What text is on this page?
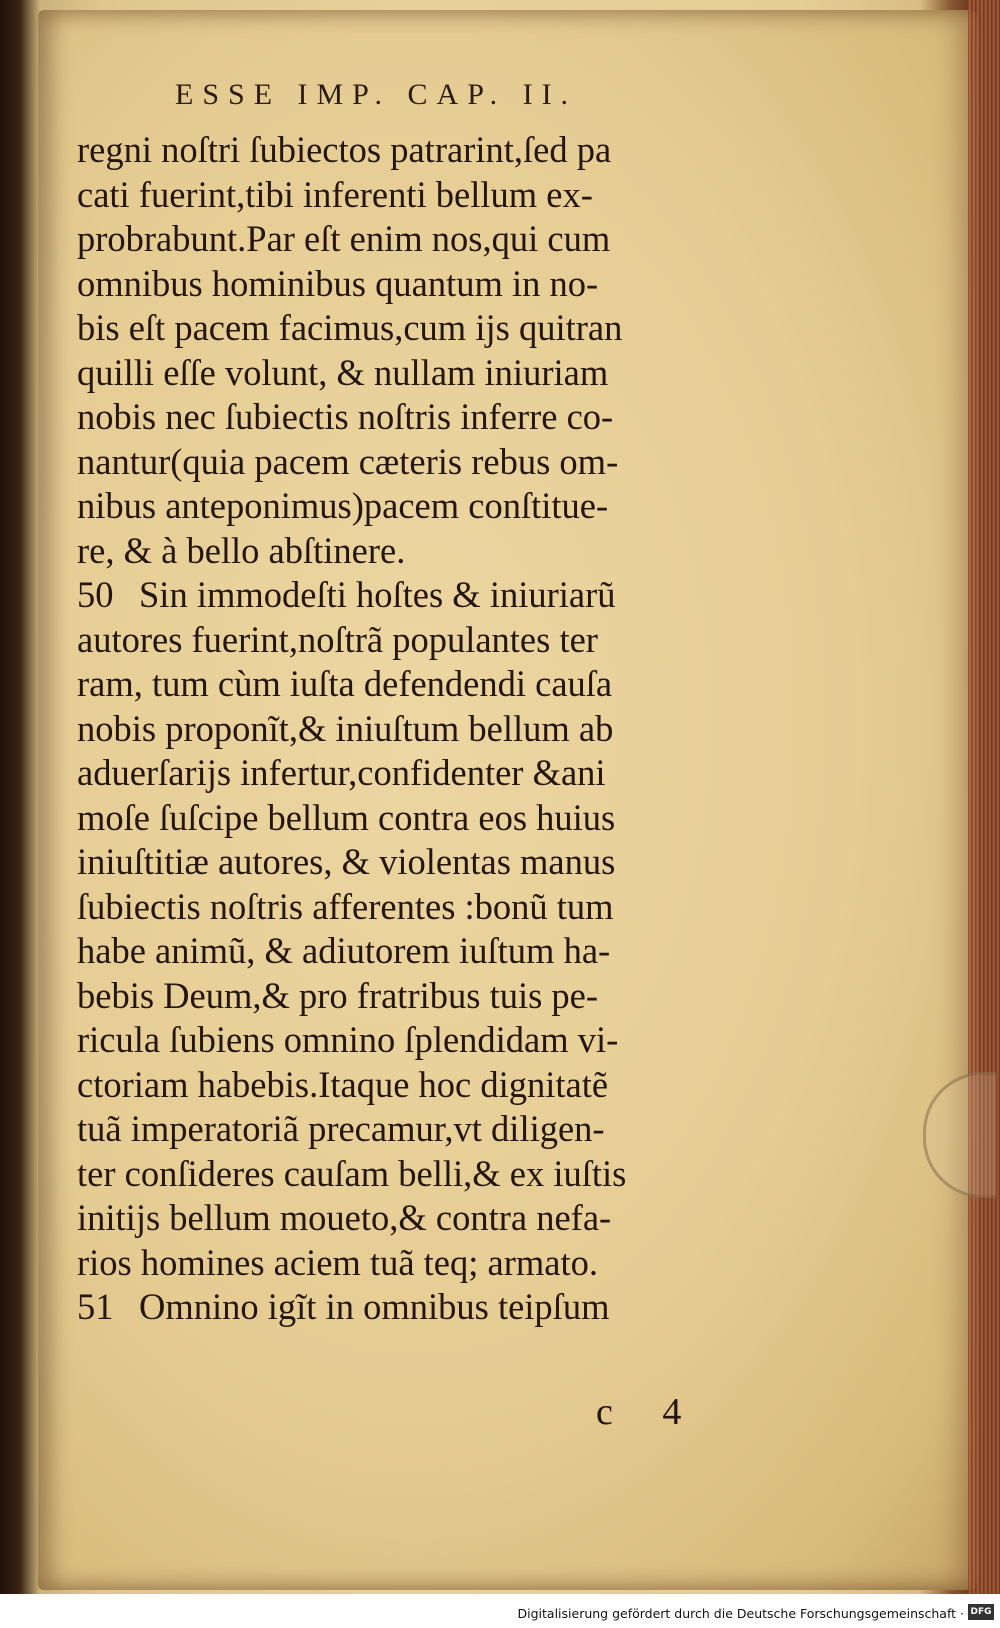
ESSE IMP. CAP. II.
regni noſtri ſubiectos patrarint,ſed pa
cati fuerint,tibi inferenti bellum ex-
probrabunt.Par eſt enim nos,qui cum
omnibus hominibus quantum in no-
bis eſt pacem facimus,cum ijs quitran
quilli eſſe volunt, & nullam iniuriam
nobis nec ſubiectis noſtris inferre co-
nantur(quia pacem cæteris rebus om-
nibus anteponimus)pacem conſtitue-
re, & à bello abſtinere.
50 Sin immodeſti hoſtes & iniuriarũ
autores fuerint,noſtrã populantes ter
ram, tum cùm iuſta defendendi cauſa
nobis proponĩt,& iniuſtum bellum ab
aduerſarijs infertur,confidenter &ani
moſe ſuſcipe bellum contra eos huius
iniuſtitiæ autores, & violentas manus
ſubiectis noſtris afferentes :bonũ tum
habe animũ, & adiutorem iuſtum ha-
bebis Deum,& pro fratribus tuis pe-
ricula ſubiens omnino ſplendidam vi-
ctoriam habebis.Itaque hoc dignitatẽ
tuã imperatoriã precamur,vt diligen-
ter conſideres cauſam belli,& ex iuſtis
initijs bellum moueto,& contra nefa-
rios homines aciem tuã teq; armato.
51 Omnino igĩt in omnibus teipſum
c 4
Digitalisierung gefördert durch die Deutsche Forschungsgemeinschaft · DFG
